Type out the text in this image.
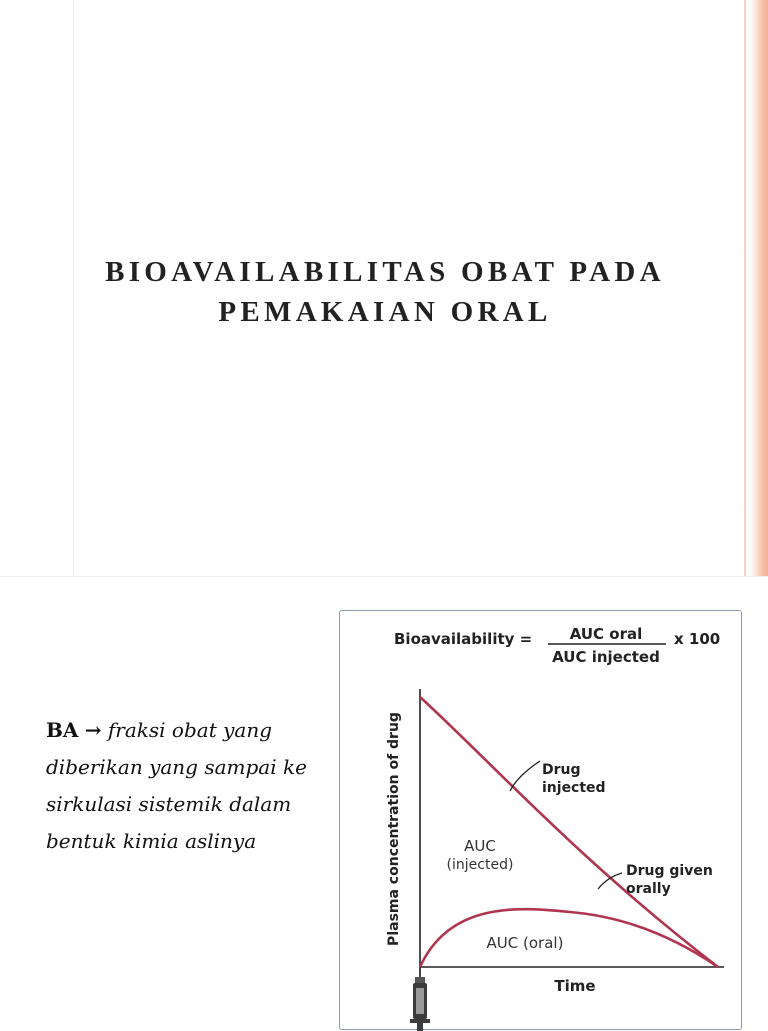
BIOAVAILABILITAS OBAT PADA
PEMAKAIAN ORAL
BA → fraksi obat yang diberikan yang sampai ke sirkulasi sistemik dalam bentuk kimia aslinya
Bioavailability =	AUC oral
AUC injected
x 100
Plasma concentration of drug
Time
Drug
injected
Drug given
orally
AUC
(injected)
AUC (oral)
